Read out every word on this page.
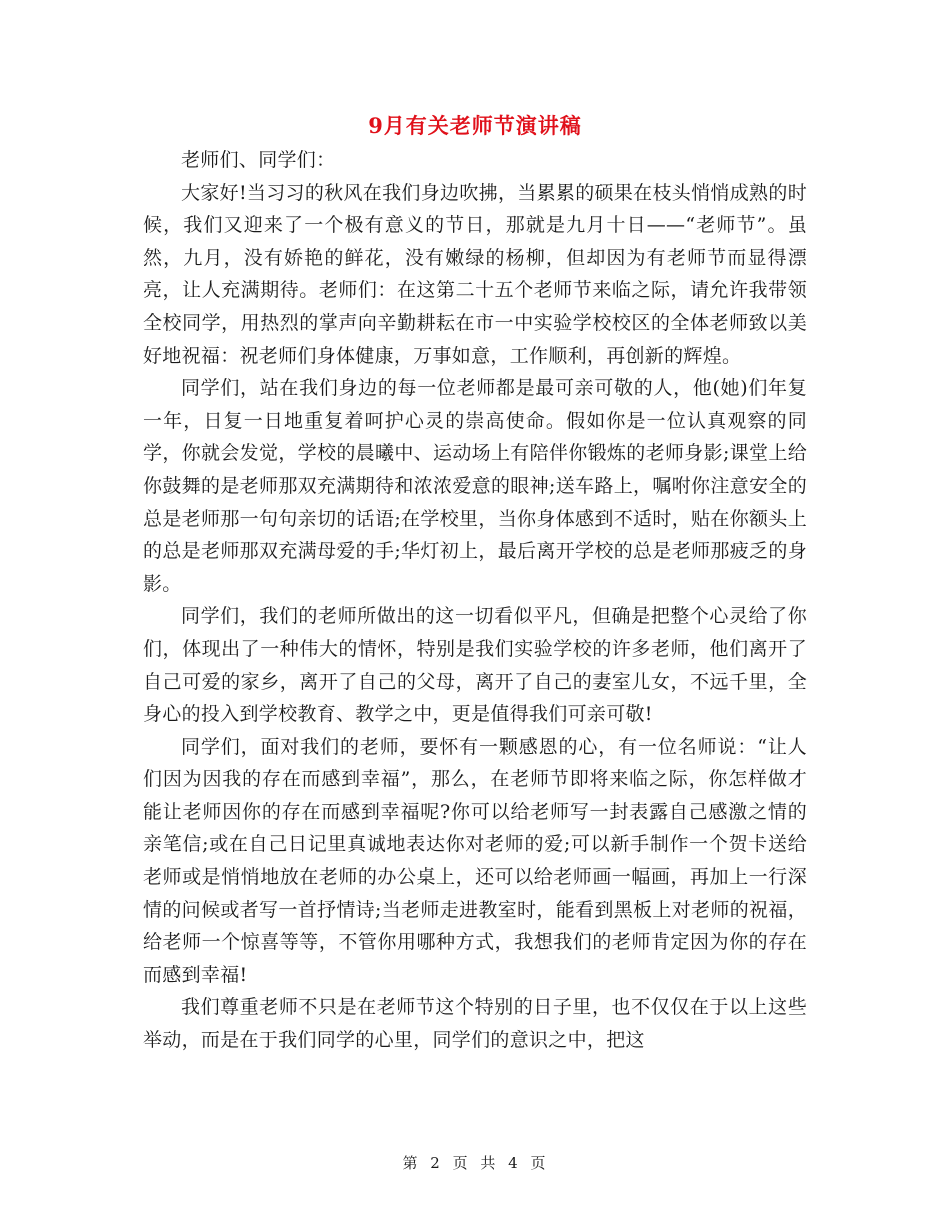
9月有关老师节演讲稿

老师们、同学们：

大家好!当习习的秋风在我们身边吹拂，当累累的硕果在枝头悄悄成熟的时候，我们又迎来了一个极有意义的节日，那就是九月十日——“老师节”。虽然，九月，没有娇艳的鲜花，没有嫩绿的杨柳，但却因为有老师节而显得漂亮，让人充满期待。老师们：在这第二十五个老师节来临之际，请允许我带领全校同学，用热烈的掌声向辛勤耕耘在市一中实验学校校区的全体老师致以美好地祝福：祝老师们身体健康，万事如意，工作顺利，再创新的辉煌。

同学们，站在我们身边的每一位老师都是最可亲可敬的人，他(她)们年复一年，日复一日地重复着呵护心灵的崇高使命。假如你是一位认真观察的同学，你就会发觉，学校的晨曦中、运动场上有陪伴你锻炼的老师身影;课堂上给你鼓舞的是老师那双充满期待和浓浓爱意的眼神;送车路上，嘱咐你注意安全的总是老师那一句句亲切的话语;在学校里，当你身体感到不适时，贴在你额头上的总是老师那双充满母爱的手;华灯初上，最后离开学校的总是老师那疲乏的身影。

同学们，我们的老师所做出的这一切看似平凡，但确是把整个心灵给了你们，体现出了一种伟大的情怀，特别是我们实验学校的许多老师，他们离开了自己可爱的家乡，离开了自己的父母，离开了自己的妻室儿女，不远千里，全身心的投入到学校教育、教学之中，更是值得我们可亲可敬!

同学们，面对我们的老师，要怀有一颗感恩的心，有一位名师说：“让人们因为因我的存在而感到幸福”，那么，在老师节即将来临之际，你怎样做才能让老师因你的存在而感到幸福呢?你可以给老师写一封表露自己感激之情的亲笔信;或在自己日记里真诚地表达你对老师的爱;可以新手制作一个贺卡送给老师或是悄悄地放在老师的办公桌上，还可以给老师画一幅画，再加上一行深情的问候或者写一首抒情诗;当老师走进教室时，能看到黑板上对老师的祝福，给老师一个惊喜等等，不管你用哪种方式，我想我们的老师肯定因为你的存在而感到幸福!

我们尊重老师不只是在老师节这个特别的日子里，也不仅仅在于以上这些举动，而是在于我们同学的心里，同学们的意识之中，把这

第 2 页 共 4 页
